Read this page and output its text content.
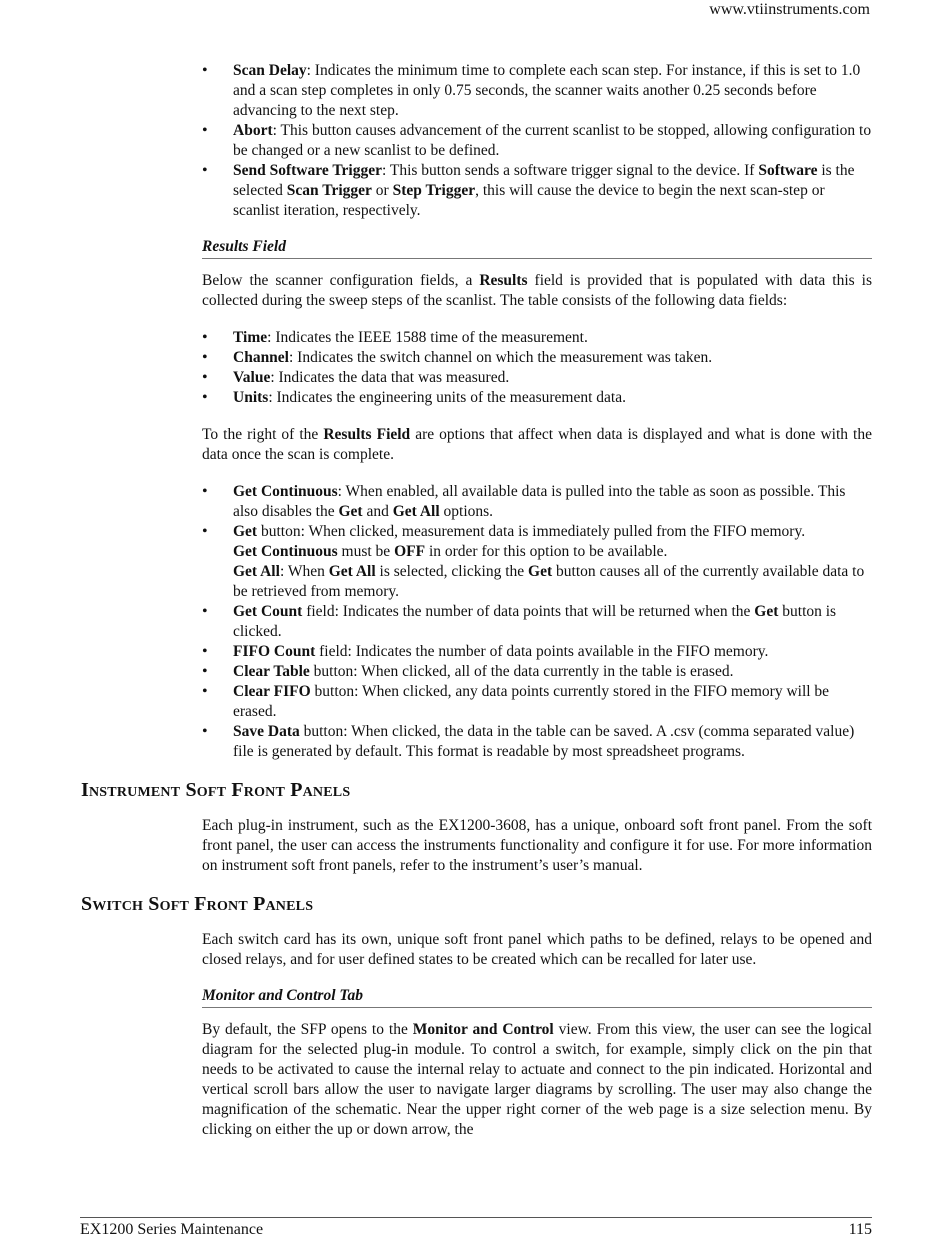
www.vtiinstruments.com
• Scan Delay: Indicates the minimum time to complete each scan step. For instance, if this is set to 1.0 and a scan step completes in only 0.75 seconds, the scanner waits another 0.25 seconds before advancing to the next step.
• Abort: This button causes advancement of the current scanlist to be stopped, allowing configuration to be changed or a new scanlist to be defined.
• Send Software Trigger: This button sends a software trigger signal to the device. If Software is the selected Scan Trigger or Step Trigger, this will cause the device to begin the next scan-step or scanlist iteration, respectively.
Results Field

Below the scanner configuration fields, a Results field is provided that is populated with data this is collected during the sweep steps of the scanlist. The table consists of the following data fields:

• Time: Indicates the IEEE 1588 time of the measurement.
• Channel: Indicates the switch channel on which the measurement was taken.
• Value: Indicates the data that was measured.
• Units: Indicates the engineering units of the measurement data.

To the right of the Results Field are options that affect when data is displayed and what is done with the data once the scan is complete.

• Get Continuous: When enabled, all available data is pulled into the table as soon as possible. This also disables the Get and Get All options.
• Get button: When clicked, measurement data is immediately pulled from the FIFO memory.
Get Continuous must be OFF in order for this option to be available.
Get All: When Get All is selected, clicking the Get button causes all of the currently available data to be retrieved from memory.
• Get Count field: Indicates the number of data points that will be returned when the Get button is clicked.
• FIFO Count field: Indicates the number of data points available in the FIFO memory.
• Clear Table button: When clicked, all of the data currently in the table is erased.
• Clear FIFO button: When clicked, any data points currently stored in the FIFO memory will be erased.
• Save Data button: When clicked, the data in the table can be saved. A .csv (comma separated value) file is generated by default. This format is readable by most spreadsheet programs.
Instrument Soft Front Panels

Each plug-in instrument, such as the EX1200-3608, has a unique, onboard soft front panel. From the soft front panel, the user can access the instruments functionality and configure it for use. For more information on instrument soft front panels, refer to the instrument’s user’s manual.

Switch Soft Front Panels

Each switch card has its own, unique soft front panel which paths to be defined, relays to be opened and closed relays, and for user defined states to be created which can be recalled for later use.

Monitor and Control Tab

By default, the SFP opens to the Monitor and Control view. From this view, the user can see the logical diagram for the selected plug-in module. To control a switch, for example, simply click on the pin that needs to be activated to cause the internal relay to actuate and connect to the pin indicated. Horizontal and vertical scroll bars allow the user to navigate larger diagrams by scrolling. The user may also change the magnification of the schematic. Near the upper right corner of the web page is a size selection menu. By clicking on either the up or down arrow, the

EX1200 Series Maintenance	115
